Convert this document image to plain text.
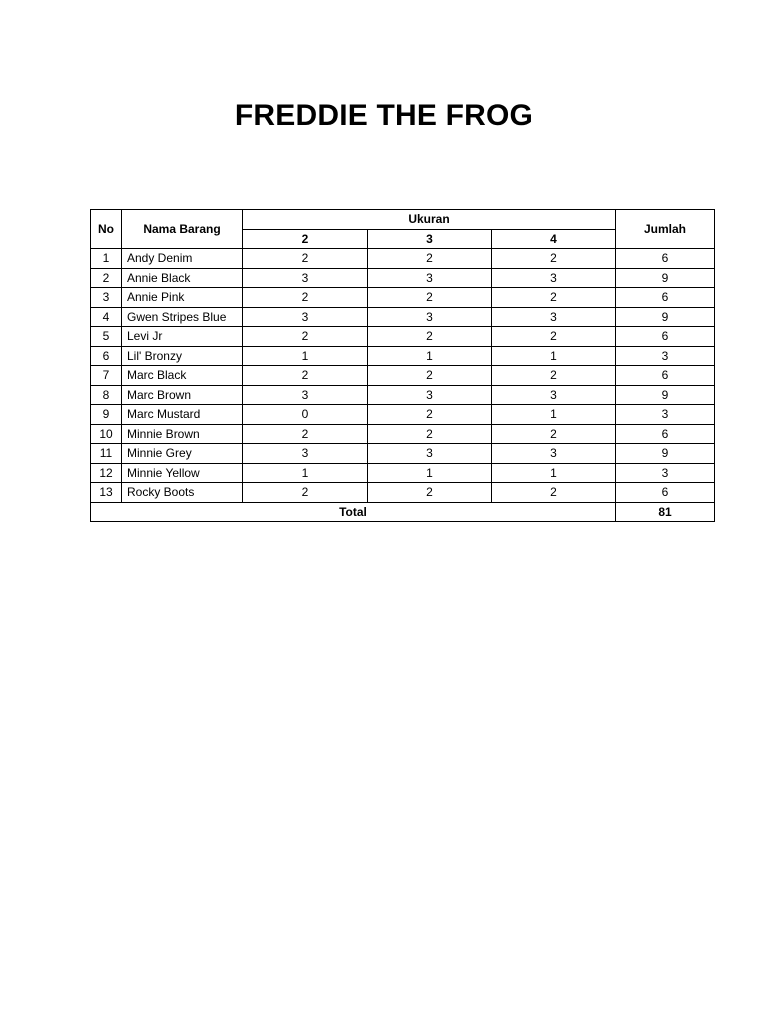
FREDDIE THE FROG
No	Nama Barang	Ukuran			Jumlah
		2	3	4	
1	Andy Denim	2	2	2	6
2	Annie Black	3	3	3	9
3	Annie Pink	2	2	2	6
4	Gwen Stripes Blue	3	3	3	9
5	Levi Jr	2	2	2	6
6	Lil' Bronzy	1	1	1	3
7	Marc Black	2	2	2	6
8	Marc Brown	3	3	3	9
9	Marc Mustard	0	2	1	3
10	Minnie Brown	2	2	2	6
11	Minnie Grey	3	3	3	9
12	Minnie Yellow	1	1	1	3
13	Rocky Boots	2	2	2	6
Total					81
